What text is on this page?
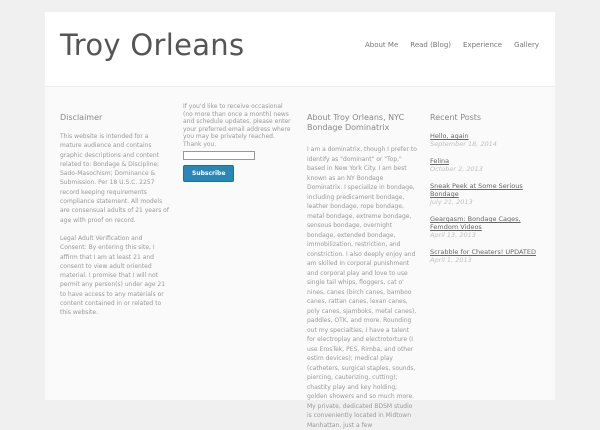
Troy Orleans	About Me Read (Blog) Experience Gallery
Disclaimer

This website is intended for a mature audience and contains graphic descriptions and content related to: Bondage & Discipline; Sado-Masochism; Dominance & Submission. Per 18 U.S.C. 2257 record keeping requirements compliance statement. All models are consensual adults of 21 years of age with proof on record.

Legal Adult Verification and Consent: By entering this site, I affirm that I am at least 21 and consent to view adult oriented material. I promise that I will not permit any person(s) under age 21 to have access to any materials or content contained in or related to this website.

If you'd like to receive occasional (no more than once a month) news and schedule updates, please enter your preferred email address where you may be privately reached. Thank you.

Subscribe
About Troy Orleans, NYC Bondage Dominatrix

I am a dominatrix, though I prefer to identify as "dominant" or "Top," based in New York City. I am best known as an NY Bondage Dominatrix. I specialize in bondage, including predicament bondage, leather bondage, rope bondage, metal bondage, extreme bondage, sensous bondage, overnight bondage, extended bondage, immobilization, restriction, and constriction. I also deeply enjoy and am skilled in corporal punishment and corporal play and love to use single tail whips, floggers, cat o' nines, canes (birch canes, bamboo canes, rattan canes, lexan canes, poly canes, sjamboks, metal canes), paddles, OTK, and more. Rounding out my specialties, I have a talent for electroplay and electrotorture (I use ErosTek, PES, Rimba, and other estim devices); medical play (catheters, surgical staples, sounds, piercing, cauterizing, cutting); chastity play and key holding; golden showers and so much more. My private, dedicated BDSM studio is conveniently located in Midtown Manhattan, just a few

Recent Posts
Hello, again
September 18, 2014
Felina
October 2, 2013
Sneak Peek at Some Serious Bondage
July 21, 2013
Geargasm: Bondage Cages, Femdom Videos
April 13, 2013
Scrabble for Cheaters! UPDATED
April 1, 2013
